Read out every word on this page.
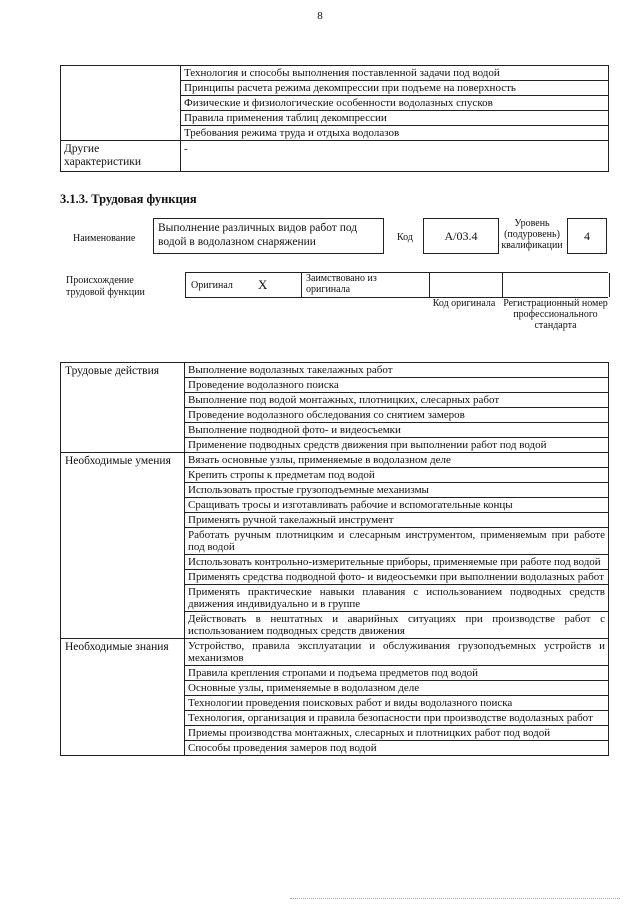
8
	Технология и способы выполнения поставленной задачи под водой
	Принципы расчета режима декомпрессии при подъеме на поверхность
	Физические и физиологические особенности водолазных спусков
	Правила применения таблиц декомпрессии
	Требования режима труда и отдыха водолазов
Другие характеристики	-
3.1.3. Трудовая функция
Наименование
Выполнение различных видов работ под водой в водолазном снаряжении	Код	A/03.4
Уровень (подуровень) квалификации
4
Происхождение трудовой функции
Оригинал X	Заимствовано из оригинала
Код оригинала Регистрационный номер профессионального стандарта
Трудовые действия	Выполнение водолазных такелажных работ
	Проведение водолазного поиска
	Выполнение под водой монтажных, плотницких, слесарных работ
	Проведение водолазного обследования со снятием замеров
	Выполнение подводной фото- и видеосъемки
	Применение подводных средств движения при выполнении работ под водой
Необходимые умения	Вязать основные узлы, применяемые в водолазном деле
	Крепить стропы к предметам под водой
	Использовать простые грузоподъемные механизмы
	Сращивать тросы и изготавливать рабочие и вспомогательные концы
	Применять ручной такелажный инструмент
	Работать ручным плотницким и слесарным инструментом, применяемым при работе под водой
	Использовать контрольно-измерительные приборы, применяемые при работе под водой
	Применять средства подводной фото- и видеосъемки при выполнении водолазных работ
	Применять практические навыки плавания с использованием подводных средств движения индивидуально и в группе
	Действовать в нештатных и аварийных ситуациях при производстве работ с использованием подводных средств движения
Необходимые знания	Устройство, правила эксплуатации и обслуживания грузоподъемных устройств и механизмов
	Правила крепления стропами и подъема предметов под водой
	Основные узлы, применяемые в водолазном деле
	Технологии проведения поисковых работ и виды водолазного поиска
	Технология, организация и правила безопасности при производстве водолазных работ
	Приемы производства монтажных, слесарных и плотницких работ под водой
	Способы проведения замеров под водой
